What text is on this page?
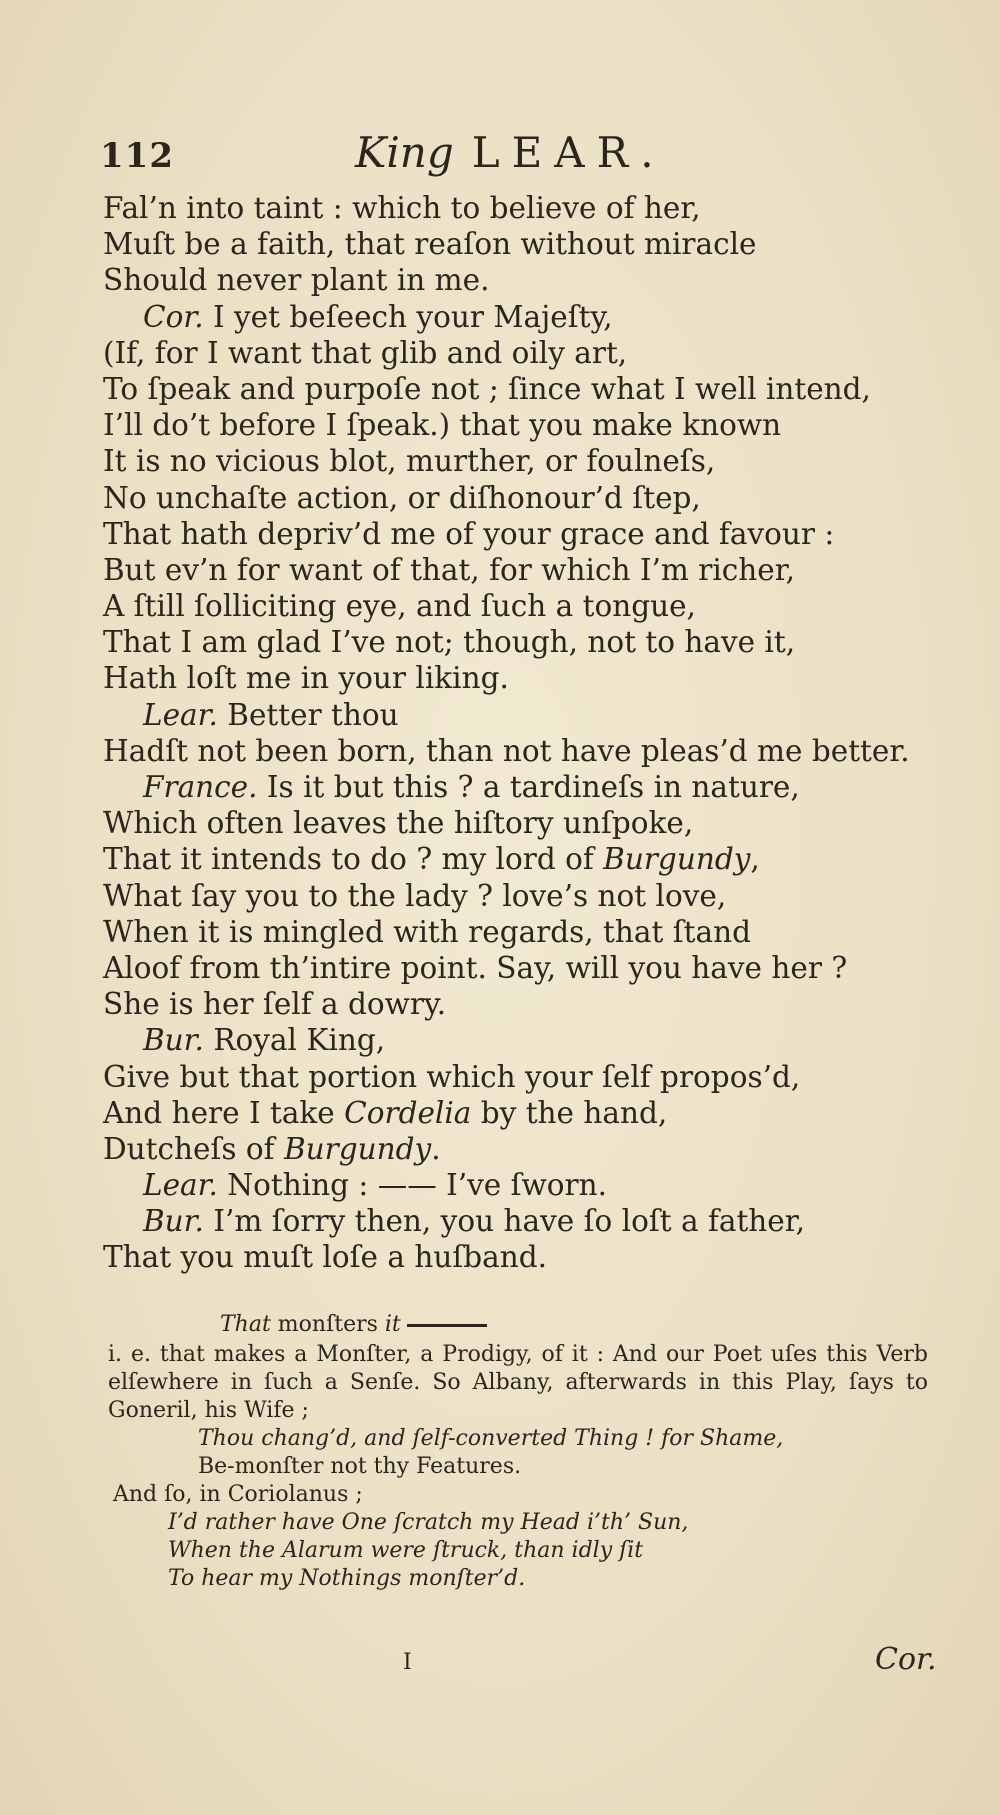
112	King LEAR.
Fal’n into taint : which to believe of her,
Muſt be a faith, that reaſon without miracle
Should never plant in me.
Cor. I yet beſeech your Majeſty,
(If, for I want that glib and oily art,
To ſpeak and purpoſe not ; ſince what I well intend,
I’ll do’t before I ſpeak.) that you make known
It is no vicious blot, murther, or foulneſs,
No unchaſte action, or diſhonour’d ſtep,
That hath depriv’d me of your grace and favour :
But ev’n for want of that, for which I’m richer,
A ſtill ſolliciting eye, and ſuch a tongue,
That I am glad I’ve not; though, not to have it,
Hath loſt me in your liking.
Lear. Better thou
Hadſt not been born, than not have pleas’d me better.
France. Is it but this ? a tardineſs in nature,
Which often leaves the hiſtory unſpoke,
That it intends to do ? my lord of Burgundy,
What ſay you to the lady ? love’s not love,
When it is mingled with regards, that ſtand
Aloof from th’intire point. Say, will you have her ?
She is her ſelf a dowry.
Bur. Royal King,
Give but that portion which your ſelf propos’d,
And here I take Cordelia by the hand,
Dutcheſs of Burgundy.
Lear. Nothing : —— I’ve ſworn.
Bur. I’m ſorry then, you have ſo loſt a father,
That you muſt loſe a huſband.
That monſters it
i. e. that makes a Monſter, a Prodigy, of it : And our Poet uſes this Verb elſewhere in ſuch a Senſe. So Albany, afterwards in this Play, ſays to Goneril, his Wife ;
Thou chang’d, and ſelf-converted Thing ! for Shame,
Be-monſter not thy Features.
And ſo, in Coriolanus ;
I’d rather have One ſcratch my Head i’th’ Sun,
When the Alarum were ſtruck, than idly ſit
To hear my Nothings monſter’d.
I	Cor.
